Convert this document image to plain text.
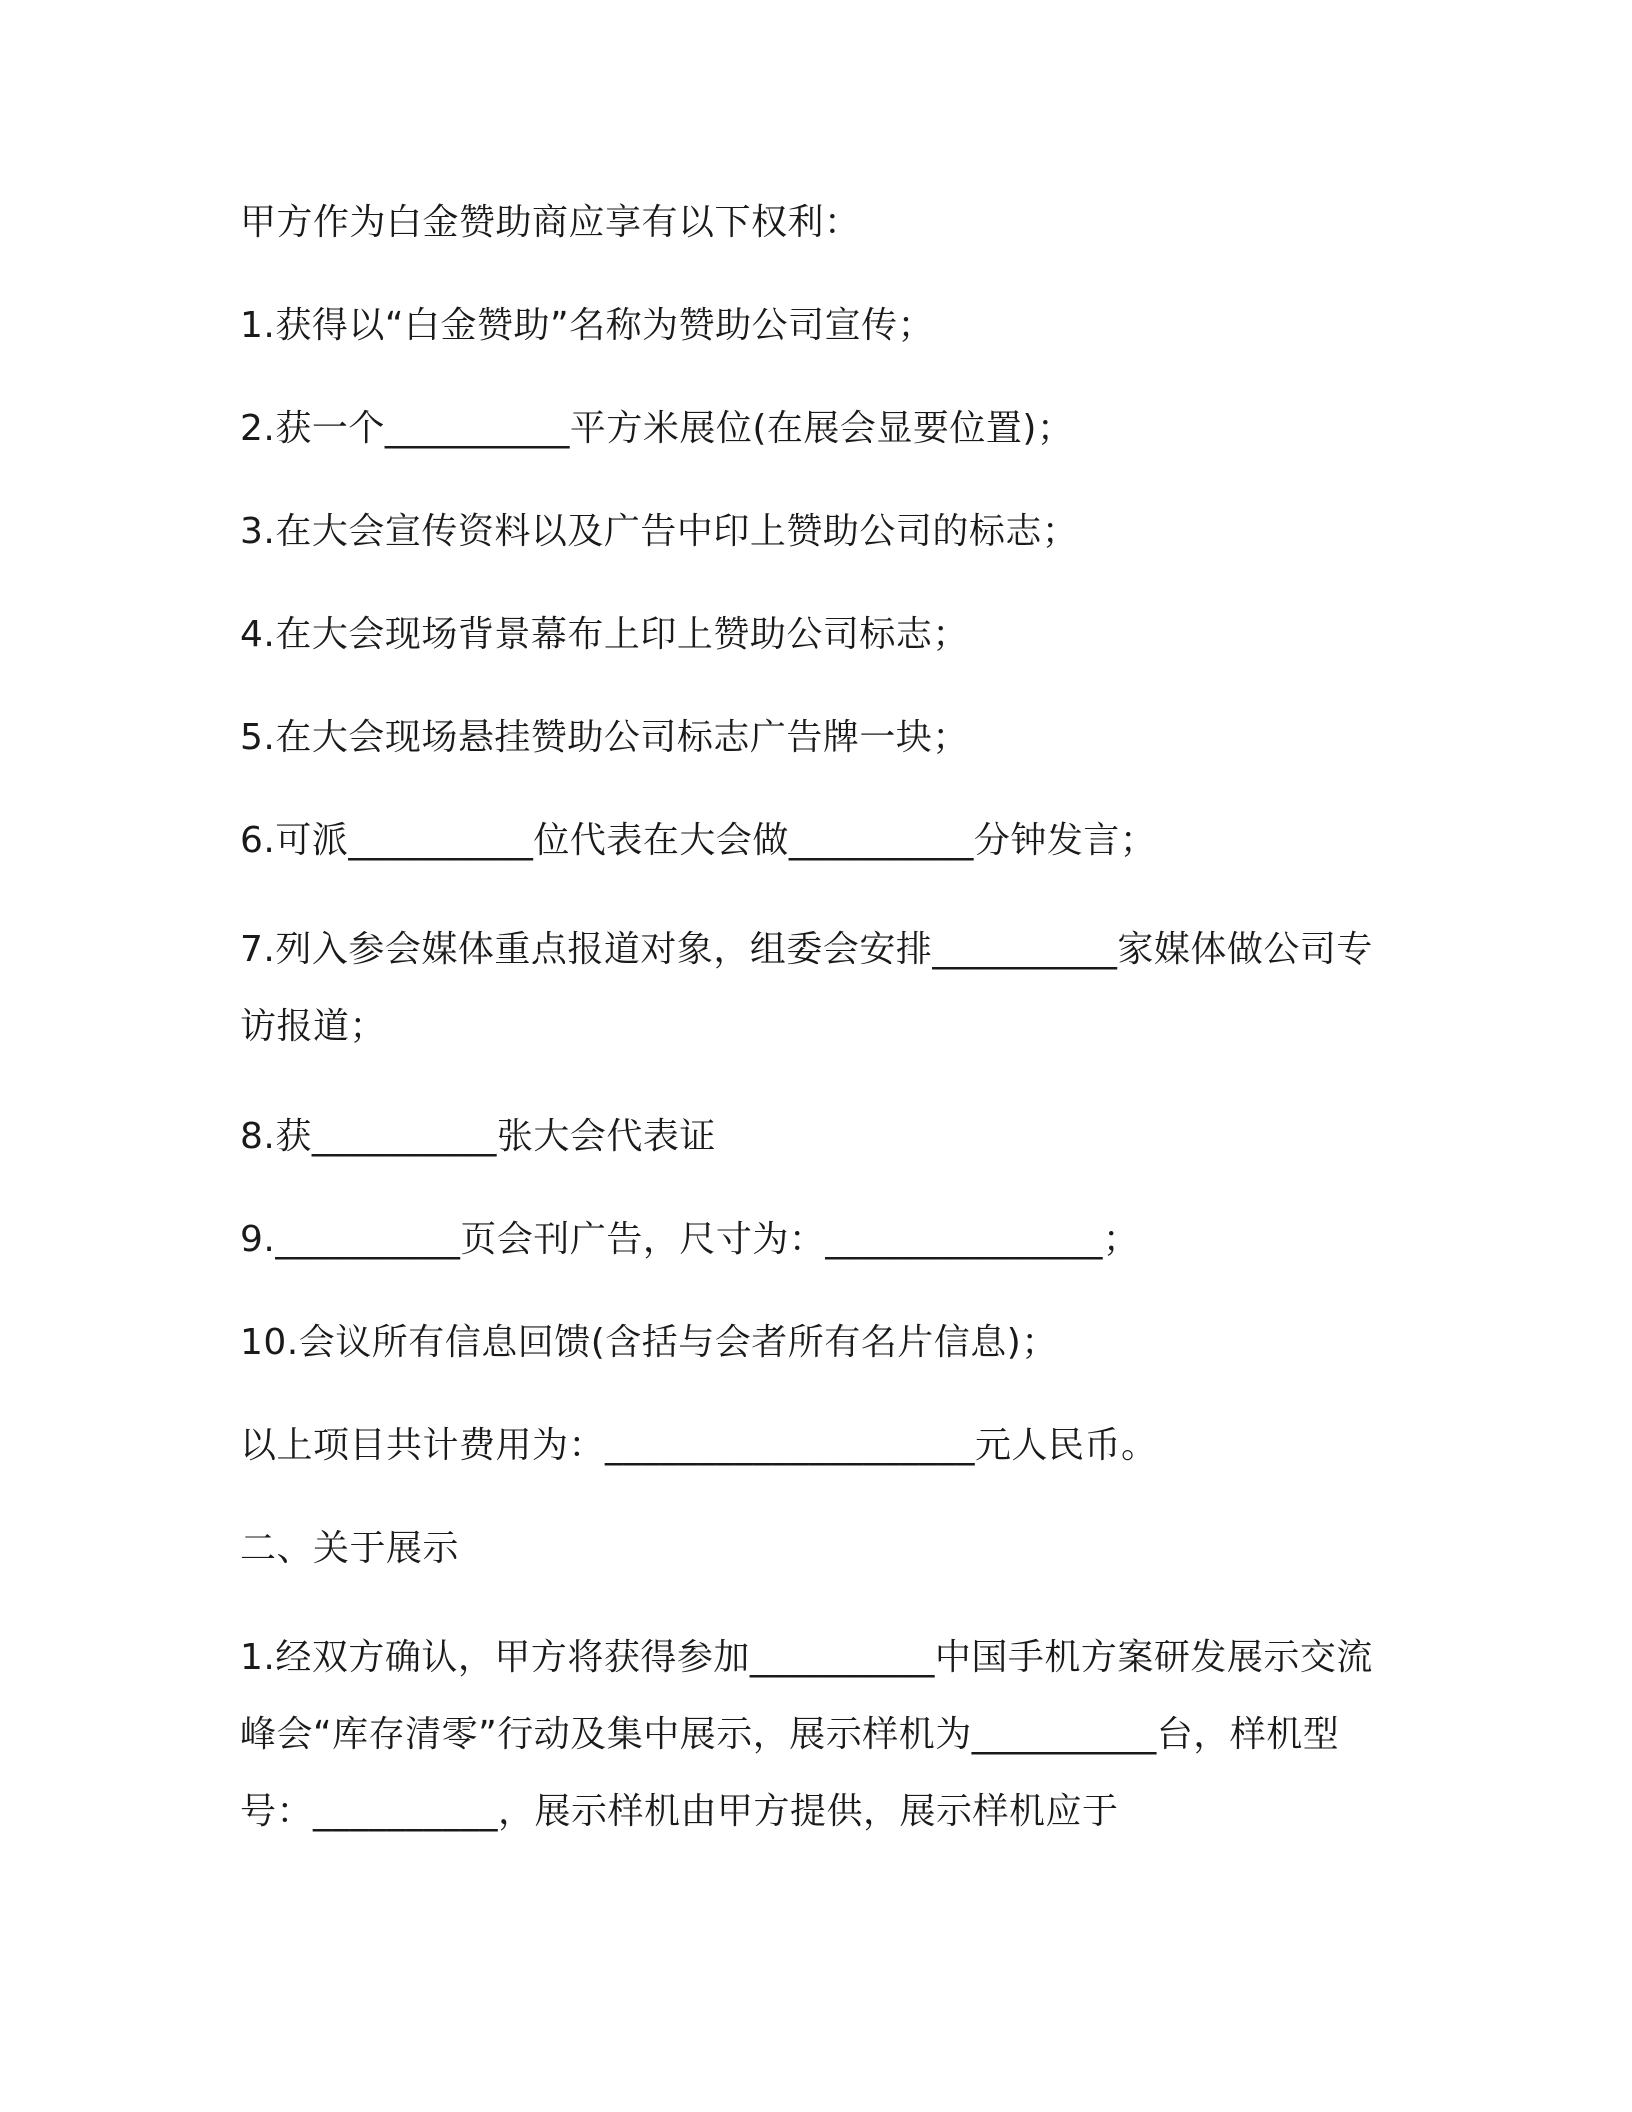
甲方作为白金赞助商应享有以下权利：

1.获得以“白金赞助”名称为赞助公司宣传；

2.获一个__________平方米展位(在展会显要位置)；

3.在大会宣传资料以及广告中印上赞助公司的标志；

4.在大会现场背景幕布上印上赞助公司标志；

5.在大会现场悬挂赞助公司标志广告牌一块；

6.可派__________位代表在大会做__________分钟发言；

7.列入参会媒体重点报道对象，组委会安排__________家媒体做公司专访报道；

8.获__________张大会代表证

9.__________页会刊广告，尺寸为：_______________；

10.会议所有信息回馈(含括与会者所有名片信息)；

以上项目共计费用为：____________________元人民币。

二、关于展示

1.经双方确认，甲方将获得参加__________中国手机方案研发展示交流峰会“库存清零”行动及集中展示，展示样机为__________台，样机型号：__________，展示样机由甲方提供，展示样机应于
